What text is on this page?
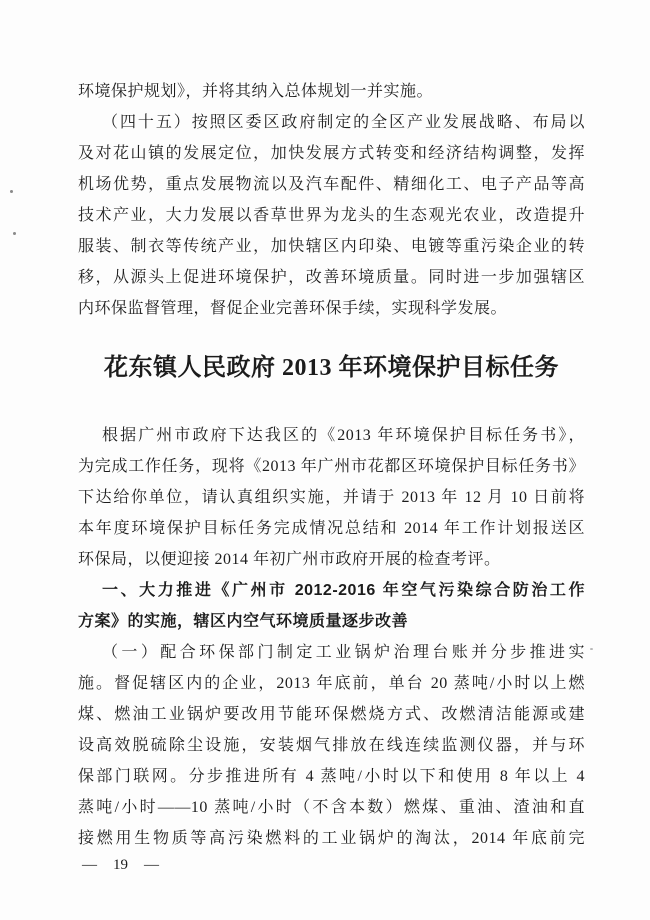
环境保护规划》，并将其纳入总体规划一并实施。
（四十五）按照区委区政府制定的全区产业发展战略、布局以
及对花山镇的发展定位，加快发展方式转变和经济结构调整，发挥
机场优势，重点发展物流以及汽车配件、精细化工、电子产品等高
技术产业，大力发展以香草世界为龙头的生态观光农业，改造提升
服装、制衣等传统产业，加快辖区内印染、电镀等重污染企业的转
移，从源头上促进环境保护，改善环境质量。同时进一步加强辖区
内环保监督管理，督促企业完善环保手续，实现科学发展。
花东镇人民政府 2013 年环境保护目标任务
根据广州市政府下达我区的《2013 年环境保护目标任务书》，
为完成工作任务，现将《2013 年广州市花都区环境保护目标任务书》
下达给你单位，请认真组织实施，并请于 2013 年 12 月 10 日前将
本年度环境保护目标任务完成情况总结和 2014 年工作计划报送区
环保局，以便迎接 2014 年初广州市政府开展的检查考评。
一、大力推进《广州市 2012-2016 年空气污染综合防治工作
方案》的实施，辖区内空气环境质量逐步改善
（一）配合环保部门制定工业锅炉治理台账并分步推进实
施。督促辖区内的企业，2013 年底前，单台 20 蒸吨/小时以上燃
煤、燃油工业锅炉要改用节能环保燃烧方式、改燃清洁能源或建
设高效脱硫除尘设施，安装烟气排放在线连续监测仪器，并与环
保部门联网。分步推进所有 4 蒸吨/小时以下和使用 8 年以上 4
蒸吨/小时——10 蒸吨/小时（不含本数）燃煤、重油、渣油和直
接燃用生物质等高污染燃料的工业锅炉的淘汰，2014 年底前完
— 19 —
